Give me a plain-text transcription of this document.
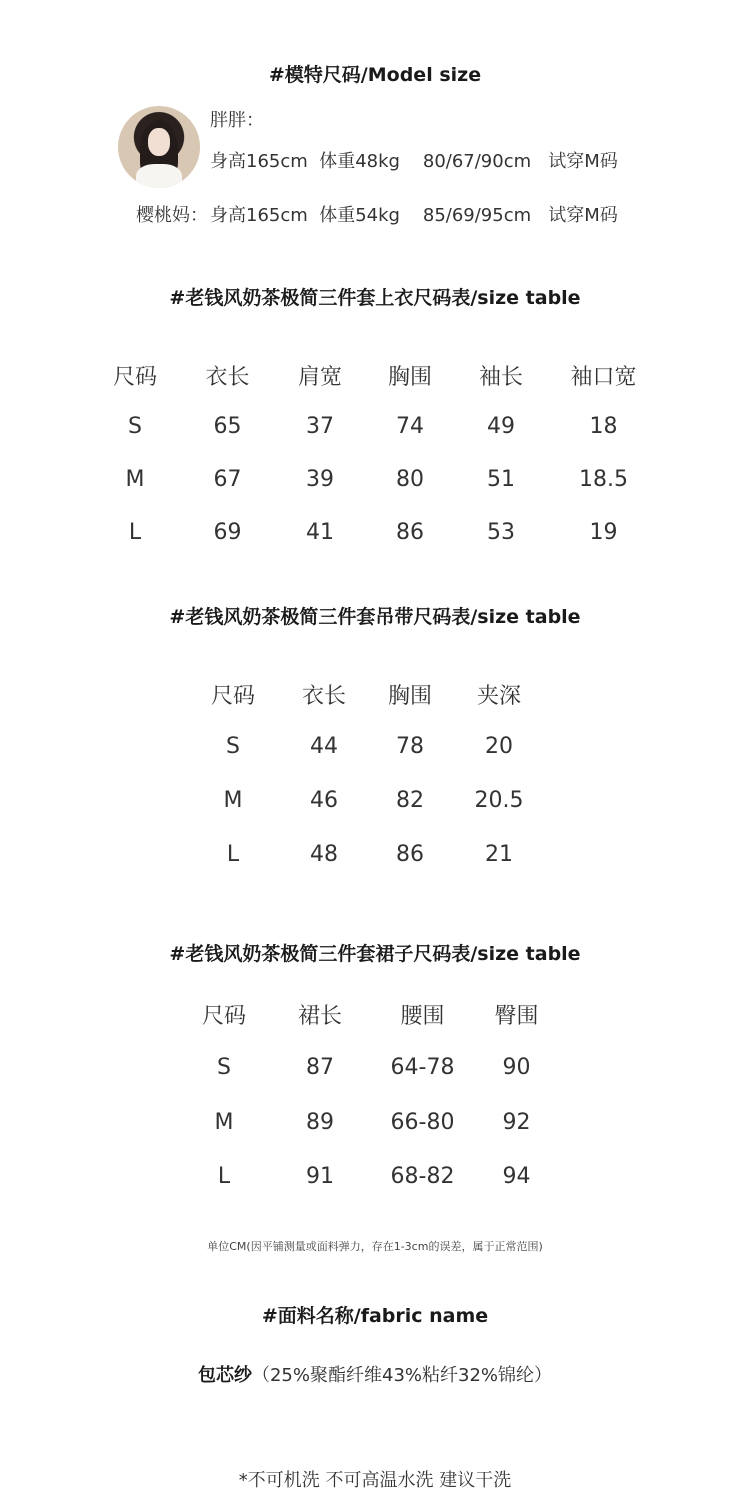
#模特尺码/Model size
胖胖：
身高165cm  体重48kg    80/67/90cm   试穿M码
樱桃妈： 身高165cm  体重54kg    85/69/95cm   试穿M码
#老钱风奶茶极简三件套上衣尺码表/size table
尺码	衣长	肩宽	胸围	袖长	袖口宽
S	65	37	74	49	18
M	67	39	80	51	18.5
L	69	41	86	53	19
#老钱风奶茶极简三件套吊带尺码表/size table
尺码	衣长	胸围	夹深
S	44	78	20
M	46	82	20.5
L	48	86	21
#老钱风奶茶极简三件套裙子尺码表/size table
尺码	裙长	腰围	臀围
S	87	64-78	90
M	89	66-80	92
L	91	68-82	94
单位CM(因平铺测量或面料弹力，存在1-3cm的误差，属于正常范围)
#面料名称/fabric name
包芯纱（25%聚酯纤维43%粘纤32%锦纶）
*不可机洗 不可高温水洗 建议干洗
